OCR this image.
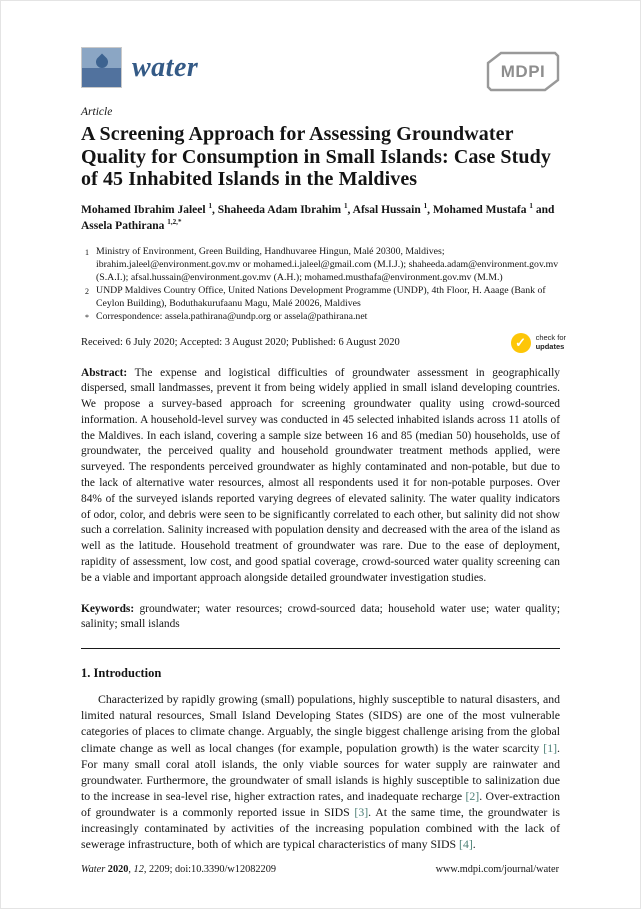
water	MDPI
Article
A Screening Approach for Assessing Groundwater Quality for Consumption in Small Islands: Case Study of 45 Inhabited Islands in the Maldives
Mohamed Ibrahim Jaleel $^1$, Shaheeda Adam Ibrahim $^1$, Afsal Hussain $^1$, Mohamed Mustafa $^1$ and Assela Pathirana $^{1,2,*}$
1 Ministry of Environment, Green Building, Handhuvaree Hingun, Malé 20300, Maldives; ibrahim.jaleel@environment.gov.mv or mohamed.i.jaleel@gmail.com (M.I.J.); shaheeda.adam@environment.gov.mv (S.A.I.); afsal.hussain@environment.gov.mv (A.H.); mohamed.musthafa@environment.gov.mv (M.M.)
2 UNDP Maldives Country Office, United Nations Development Programme (UNDP), 4th Floor, H. Aaage (Bank of Ceylon Building), Boduthakurufaanu Magu, Malé 20026, Maldives
* Correspondence: assela.pathirana@undp.org or assela@pathirana.net
Received: 6 July 2020; Accepted: 3 August 2020; Published: 6 August 2020	✓ check for
updates

Abstract: The expense and logistical difficulties of groundwater assessment in geographically dispersed, small landmasses, prevent it from being widely applied in small island developing countries. We propose a survey-based approach for screening groundwater quality using crowd-sourced information. A household-level survey was conducted in 45 selected inhabited islands across 11 atolls of the Maldives. In each island, covering a sample size between 16 and 85 (median 50) households, use of groundwater, the perceived quality and household groundwater treatment methods applied, were surveyed. The respondents perceived groundwater as highly contaminated and non-potable, but due to the lack of alternative water resources, almost all respondents used it for non-potable purposes. Over 84% of the surveyed islands reported varying degrees of elevated salinity. The water quality indicators of odor, color, and debris were seen to be significantly correlated to each other, but salinity did not show such a correlation. Salinity increased with population density and decreased with the area of the island as well as the latitude. Household treatment of groundwater was rare. Due to the ease of deployment, rapidity of assessment, low cost, and good spatial coverage, crowd-sourced water quality screening can be a viable and important approach alongside detailed groundwater investigation studies.

Keywords: groundwater; water resources; crowd-sourced data; household water use; water quality; salinity; small islands

1. Introduction

Characterized by rapidly growing (small) populations, highly susceptible to natural disasters, and limited natural resources, Small Island Developing States (SIDS) are one of the most vulnerable categories of places to climate change. Arguably, the single biggest challenge arising from the global climate change as well as local changes (for example, population growth) is the water scarcity [1]. For many small coral atoll islands, the only viable sources for water supply are rainwater and groundwater. Furthermore, the groundwater of small islands is highly susceptible to salinization due to the increase in sea-level rise, higher extraction rates, and inadequate recharge [2]. Over-extraction of groundwater is a commonly reported issue in SIDS [3]. At the same time, the groundwater is increasingly contaminated by activities of the increasing population combined with the lack of sewerage infrastructure, both of which are typical characteristics of many SIDS [4].

Water 2020, 12, 2209; doi:10.3390/w12082209	www.mdpi.com/journal/water
